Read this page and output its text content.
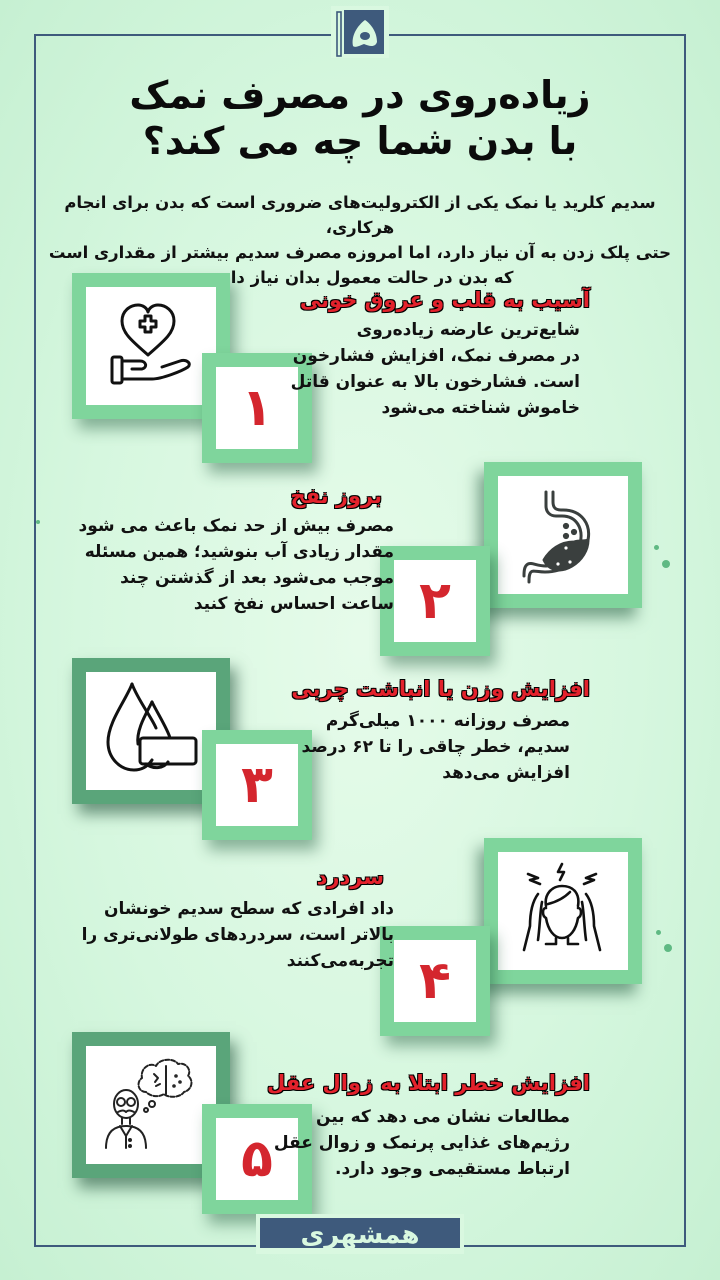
زیاده‌روی در مصرف نمک
با بدن شما چه می کند؟
سدیم کلرید یا نمک یکی از الکترولیت‌های ضروری است که بدن برای انجام هرکاری،
حتی پلک زدن به آن نیاز دارد، اما امروزه مصرف سدیم بیشتر از مقداری است
که بدن در حالت معمول بدان نیاز دارد.
۱
آسیب به قلب و عروق خونی
شایع‌ترین عارضه زیاده‌روی
در مصرف نمک، افزایش فشارخون
است. فشارخون بالا به عنوان قاتل
خاموش شناخته می‌شود
۲
بروز نفخ
مصرف بیش از حد نمک باعث می شود
مقدار زیادی آب بنوشید؛ همین مسئله
موجب می‌شود بعد از گذشتن چند
ساعت احساس نفخ کنید
۳
افزایش وزن یا انباشت چربی
مصرف روزانه ۱۰۰۰ میلی‌گرم
سدیم، خطر چاقی را تا ۶۲ درصد
افزایش می‌دهد
۴
سردرد
داد افرادی که سطح سدیم خونشان
بالاتر است، سردردهای طولانی‌تری را
تجربه‌می‌کنند
۵
افزایش خطر ابتلا به زوال عقل
مطالعات نشان می دهد که بین
رژیم‌های غذایی پرنمک و زوال عقل
ارتباط مستقیمی وجود دارد.
همشهری
